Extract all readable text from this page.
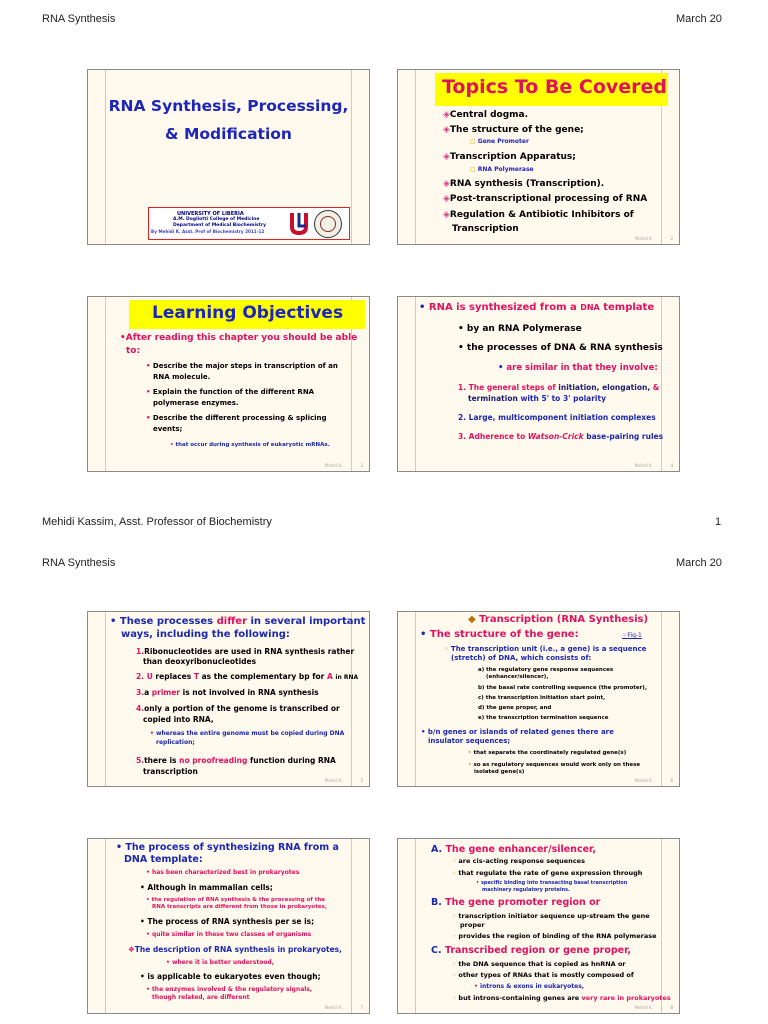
RNA Synthesis	March 20
Mehidi Kassim, Asst. Professor of Biochemistry	1
RNA Synthesis	March 20
RNA Synthesis, Processing,
& Modification
UNIVERSITY OF LIBERIA
A.M. Dogliotti College of Medicine
Department of Medical Biochemistry
By Mehidi K. Asst. Prof of Biochemistry 2011-12
Topics To Be Covered
◈Central dogma.
◈The structure of the gene;
□ Gene Promoter
◈Transcription Apparatus;
□ RNA Polymerase
◈RNA synthesis (Transcription).
◈Post-transcriptional processing of RNA
◈Regulation & Antibiotic Inhibitors of
Transcription
Mehidi K.	2
Learning Objectives
•After reading this chapter you should be able
to:
• Describe the major steps in transcription of an
RNA molecule.
• Explain the function of the different RNA
polymerase enzymes.
• Describe the different processing & splicing
events;
• that occur during synthesis of eukaryotic mRNAs.
Mehidi K.	3
• RNA is synthesized from a DNA template
• by an RNA Polymerase
• the processes of DNA & RNA synthesis
• are similar in that they involve:
1. The general steps of initiation, elongation, &
termination with 5' to 3' polarity
2. Large, multicomponent initiation complexes
3. Adherence to Watson-Crick base-pairing rules
Mehidi K.	4
• These processes differ in several important
ways, including the following:
1.Ribonucleotides are used in RNA synthesis rather
than deoxyribonucleotides
2. U replaces T as the complementary bp for A in RNA
3.a primer is not involved in RNA synthesis
4.only a portion of the genome is transcribed or
copied into RNA,
• whereas the entire genome must be copied during DNA
replication;
5.there is no proofreading function during RNA
transcription
Mehidi K.	5
◆ Transcription (RNA Synthesis)
• The structure of the gene:	☞Fig-1
◦ The transcription unit (i.e., a gene) is a sequence
(stretch) of DNA, which consists of:
a) the regulatory gene response sequences
(enhancer/silencer),
b) the basal rate controlling sequence (the promoter),
c) the transcription initiation start point,
d) the gene proper, and
e) the transcription termination sequence
• b/n genes or islands of related genes there are
insulator sequences;
• that separate the coordinately regulated gene(s)
• so as regulatory sequences would work only on these
isolated gene(s)
Mehidi K.	6
• The process of synthesizing RNA from a
DNA template:
• has been characterized best in prokaryotes
• Although in mammalian cells;
• the regulation of RNA synthesis & the processing of the
RNA transcripts are different from those in prokaryotes,
• The process of RNA synthesis per se is;
• quite similar in these two classes of organisms
❖The description of RNA synthesis in prokaryotes,
• where it is better understood,
• is applicable to eukaryotes even though;
• the enzymes involved & the regulatory signals,
though related, are different
Mehidi K.	7
A. The gene enhancer/silencer,
◦ are cis-acting response sequences
◦ that regulate the rate of gene expression through
• specific binding into transacting basal transcription
machinery regulatory proteins.
B. The gene promoter region or
◦ transcription initiator sequence up-stream the gene
proper
◦ provides the region of binding of the RNA polymerase
C. Transcribed region or gene proper,
◦ the DNA sequence that is copied as hnRNA or
◦ other types of RNAs that is mostly composed of
• introns & exons in eukaryotes,
◦ but introns-containing genes are very rare in prokaryotes
Mehidi K.	8
